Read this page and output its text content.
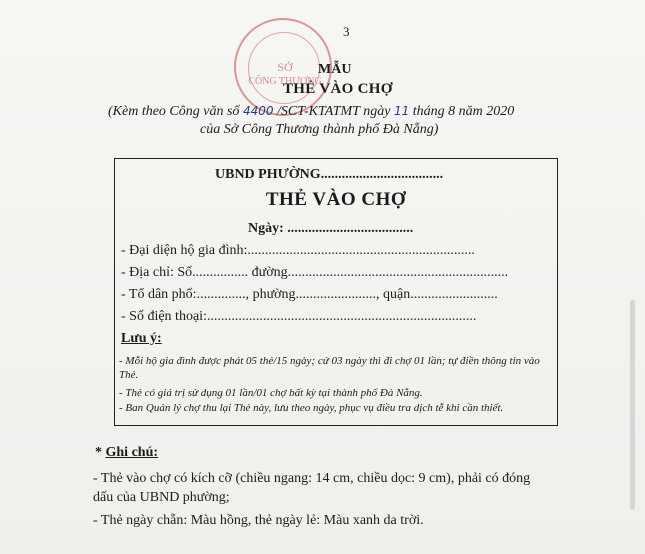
SỞ
CÔNG THƯƠNG
3
MẪU
THẺ VÀO CHỢ
(Kèm theo Công văn số 4400 /SCT-KTATMT ngày 11 tháng 8 năm 2020
của Sở Công Thương thành phố Đà Nẵng)
UBND PHƯỜNG...................................
THẺ VÀO CHỢ
Ngày: ....................................
- Đại diện hộ gia đình:.................................................................
- Địa chỉ: Số................ đường...............................................................
- Tổ dân phố:.............., phường......................., quận.........................
- Số điện thoại:.............................................................................
Lưu ý:
- Mỗi hộ gia đình được phát 05 thẻ/15 ngày; cứ 03 ngày thì đi chợ 01 lần; tự điền thông tin vào Thẻ.
- Thẻ có giá trị sử dụng 01 lần/01 chợ bất kỳ tại thành phố Đà Nẵng.
- Ban Quản lý chợ thu lại Thẻ này, lưu theo ngày, phục vụ điều tra dịch tễ khi cần thiết.
* Ghi chú:
- Thẻ vào chợ có kích cỡ (chiều ngang: 14 cm, chiều dọc: 9 cm), phải có đóng
dấu của UBND phường;
- Thẻ ngày chẵn: Màu hồng, thẻ ngày lẻ: Màu xanh da trời.
